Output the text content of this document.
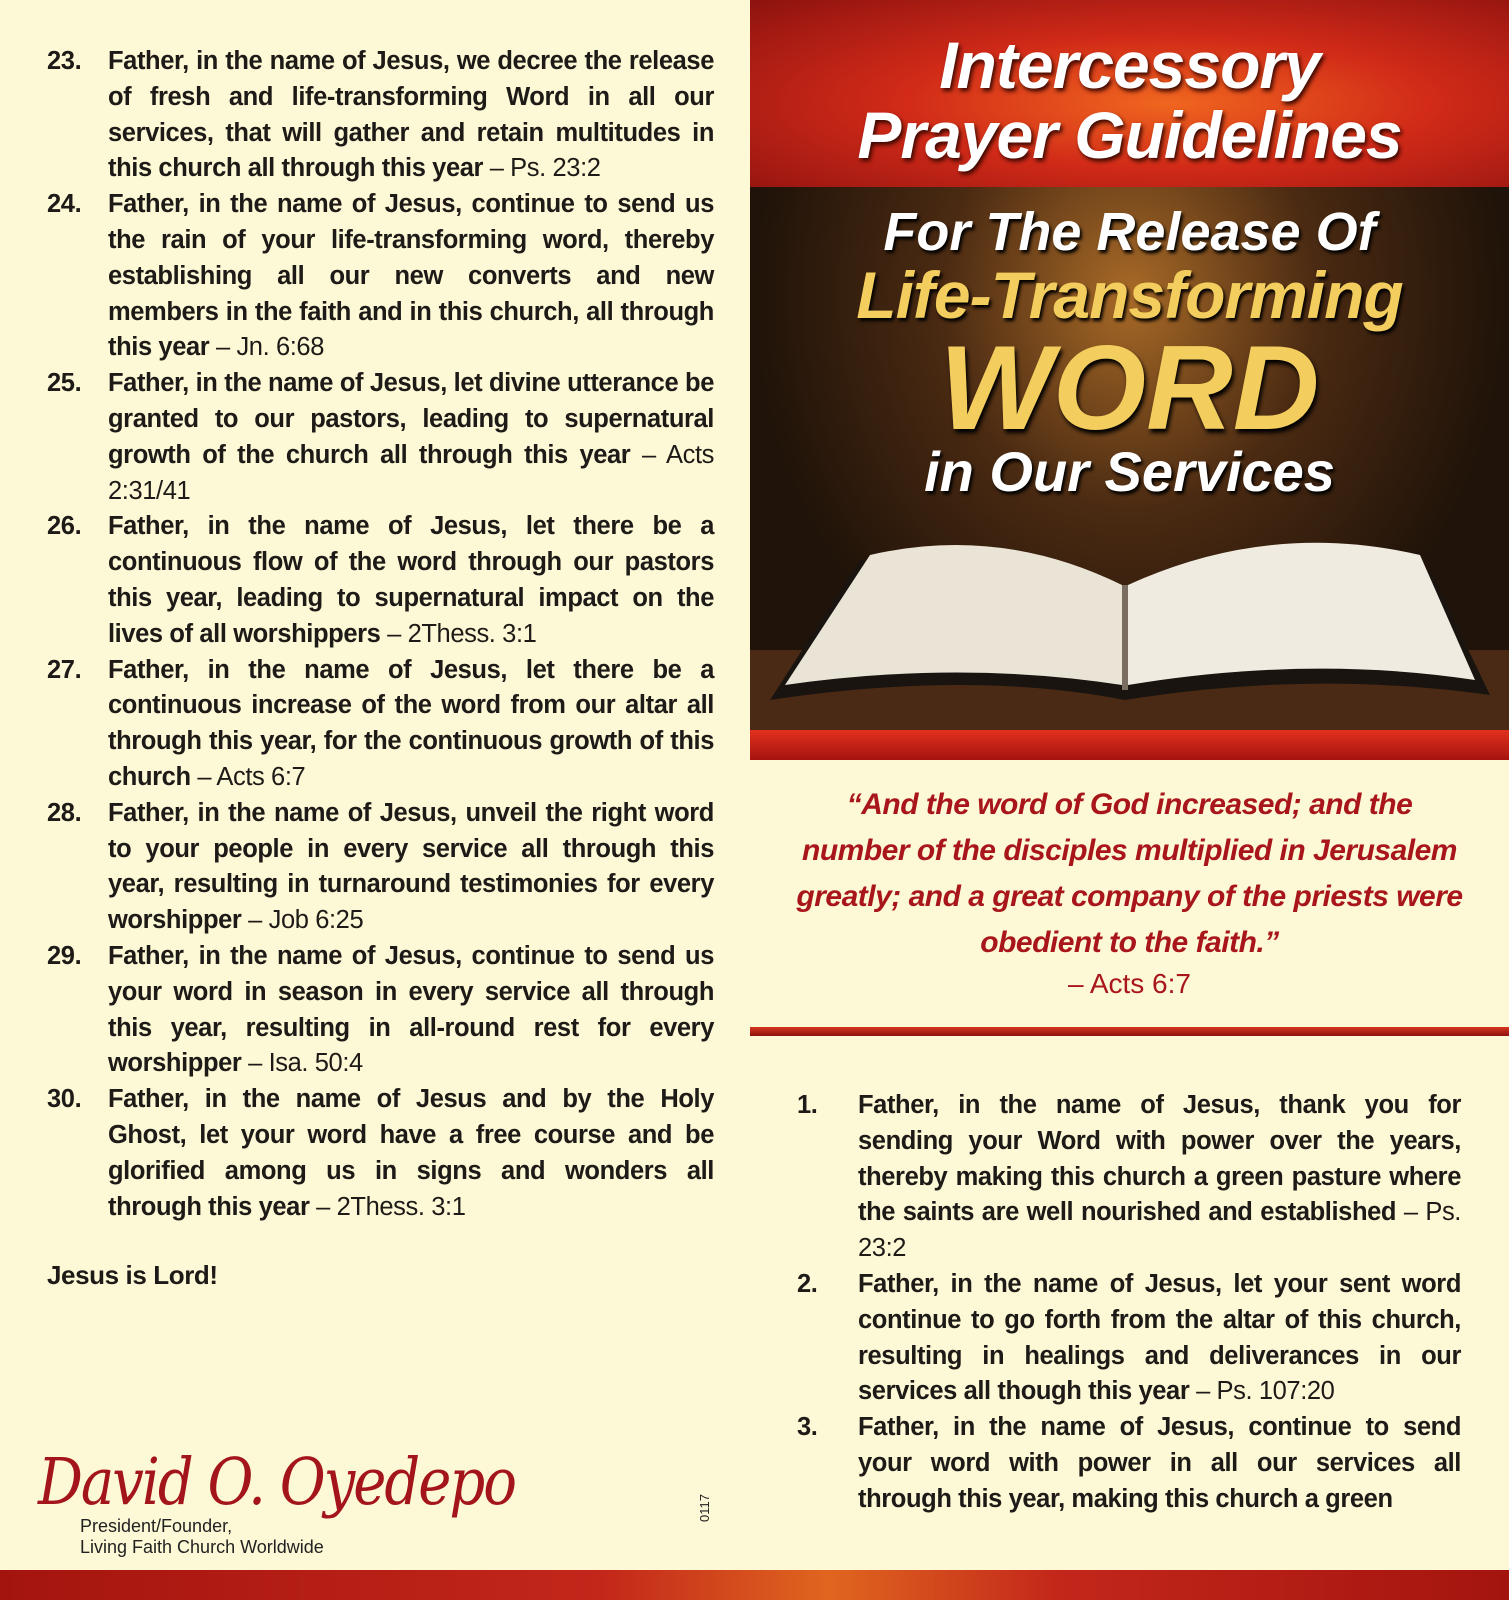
23. Father, in the name of Jesus, we decree the release of fresh and life-transforming Word in all our services, that will gather and retain multitudes in this church all through this year – Ps. 23:2
24. Father, in the name of Jesus, continue to send us the rain of your life-transforming word, thereby establishing all our new converts and new members in the faith and in this church, all through this year – Jn. 6:68
25. Father, in the name of Jesus, let divine utterance be granted to our pastors, leading to supernatural growth of the church all through this year – Acts 2:31/41
26. Father, in the name of Jesus, let there be a continuous flow of the word through our pastors this year, leading to supernatural impact on the lives of all worshippers – 2Thess. 3:1
27. Father, in the name of Jesus, let there be a continuous increase of the word from our altar all through this year, for the continuous growth of this church – Acts 6:7
28. Father, in the name of Jesus, unveil the right word to your people in every service all through this year, resulting in turnaround testimonies for every worshipper – Job 6:25
29. Father, in the name of Jesus, continue to send us your word in season in every service all through this year, resulting in all-round rest for every worshipper – Isa. 50:4
30. Father, in the name of Jesus and by the Holy Ghost, let your word have a free course and be glorified among us in signs and wonders all through this year – 2Thess. 3:1
Jesus is Lord!
David O. Oyedepo
President/Founder,
Living Faith Church Worldwide
0117
Intercessory
Prayer Guidelines
For The Release Of
Life-Transforming
WORD
in Our Services
“And the word of God increased; and the number of the disciples multiplied in Jerusalem greatly; and a great company of the priests were obedient to the faith.”
– Acts 6:7
1. Father, in the name of Jesus, thank you for sending your Word with power over the years, thereby making this church a green pasture where the saints are well nourished and established – Ps. 23:2
2. Father, in the name of Jesus, let your sent word continue to go forth from the altar of this church, resulting in healings and deliverances in our services all though this year – Ps. 107:20
3. Father, in the name of Jesus, continue to send your word with power in all our services all through this year, making this church a green
